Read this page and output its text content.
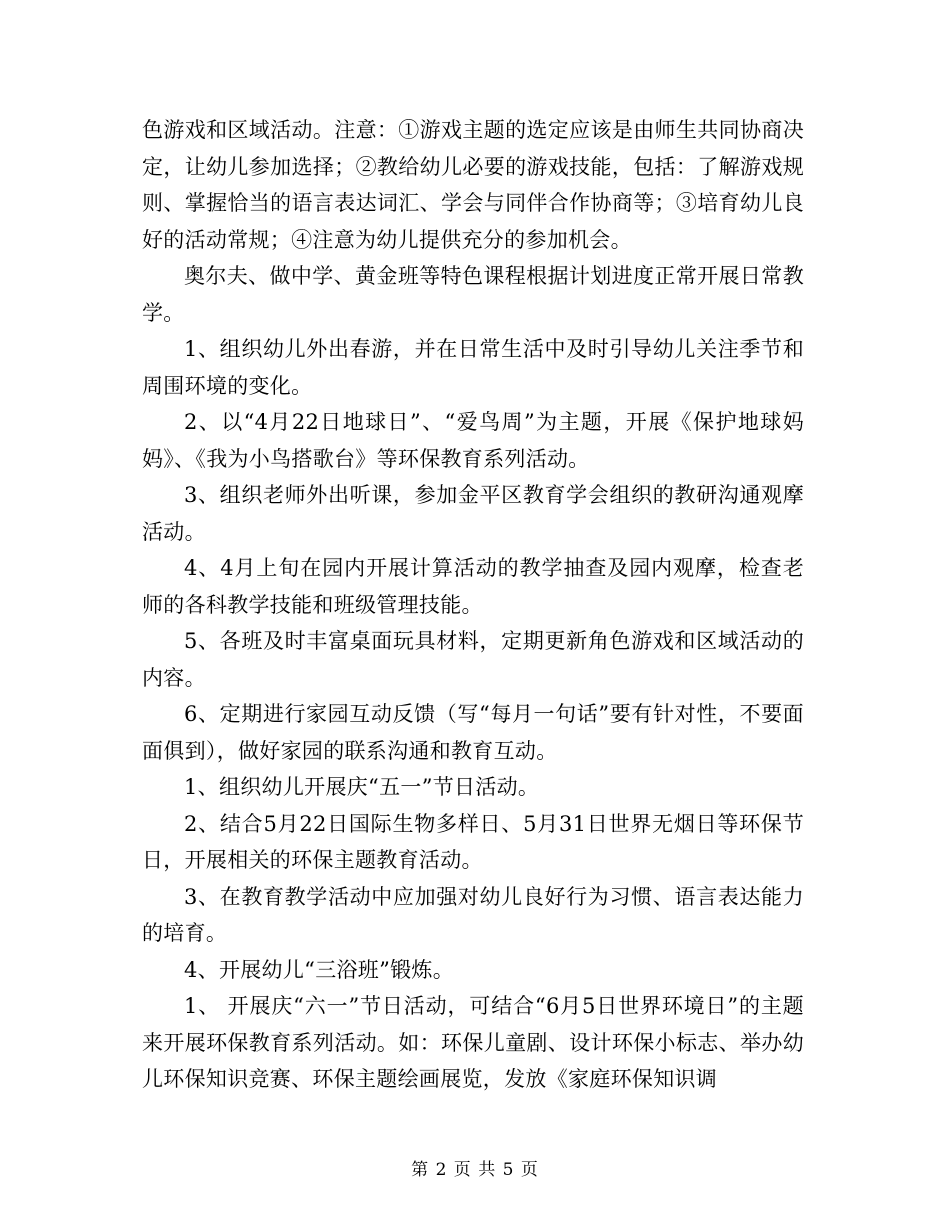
色游戏和区域活动。注意：①游戏主题的选定应该是由师生共同协商决定，让幼儿参加选择；②教给幼儿必要的游戏技能，包括：了解游戏规则、掌握恰当的语言表达词汇、学会与同伴合作协商等；③培育幼儿良好的活动常规；④注意为幼儿提供充分的参加机会。

奥尔夫、做中学、黄金班等特色课程根据计划进度正常开展日常教学。

1、组织幼儿外出春游，并在日常生活中及时引导幼儿关注季节和周围环境的变化。

2、以“4月22日地球日”、“爱鸟周”为主题，开展《保护地球妈妈》、《我为小鸟搭歌台》等环保教育系列活动。

3、组织老师外出听课，参加金平区教育学会组织的教研沟通观摩活动。

4、4月上旬在园内开展计算活动的教学抽查及园内观摩，检查老师的各科教学技能和班级管理技能。

5、各班及时丰富桌面玩具材料，定期更新角色游戏和区域活动的内容。

6、定期进行家园互动反馈（写“每月一句话”要有针对性，不要面面俱到），做好家园的联系沟通和教育互动。

1、组织幼儿开展庆“五一”节日活动。

2、结合5月22日国际生物多样日、5月31日世界无烟日等环保节日，开展相关的环保主题教育活动。

3、在教育教学活动中应加强对幼儿良好行为习惯、语言表达能力的培育。

4、开展幼儿“三浴班”锻炼。

1、 开展庆“六一”节日活动，可结合“6月5日世界环境日”的主题来开展环保教育系列活动。如：环保儿童剧、设计环保小标志、举办幼儿环保知识竞赛、环保主题绘画展览，发放《家庭环保知识调

第 2 页 共 5 页
